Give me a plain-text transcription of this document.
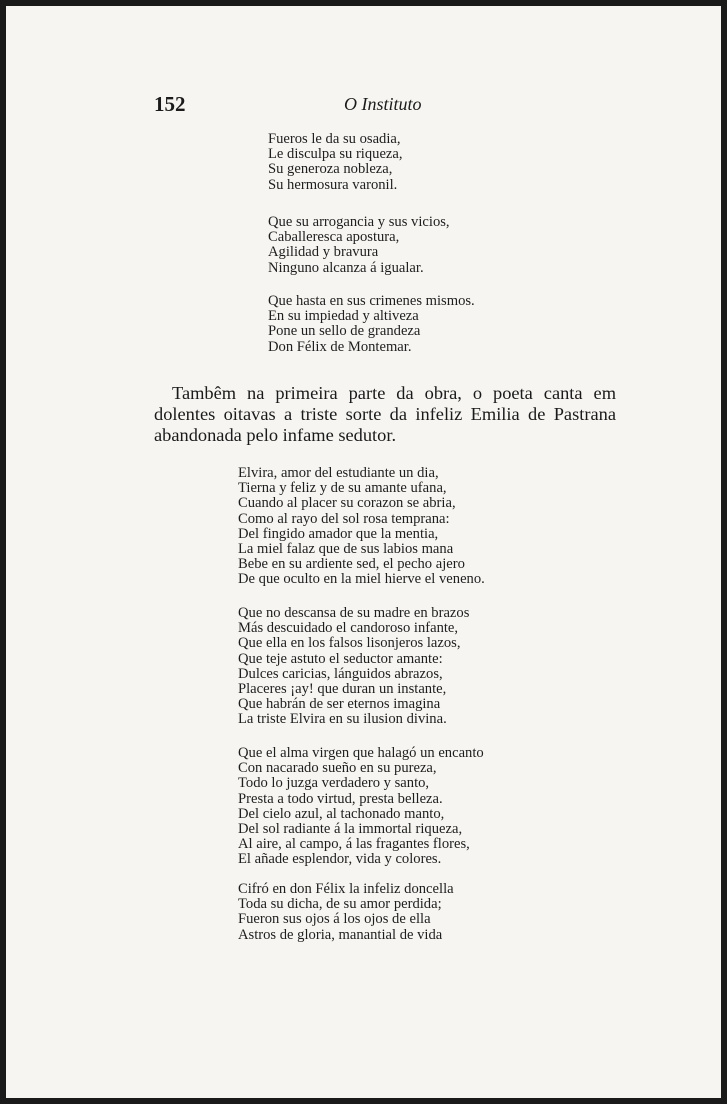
152	O Instituto
Fueros le da su osadia,
Le disculpa su riqueza,
Su generoza nobleza,
Su hermosura varonil.
Que su arrogancia y sus vicios,
Caballeresca apostura,
Agilidad y bravura
Ninguno alcanza á igualar.
Que hasta en sus crimenes mismos.
En su impiedad y altiveza
Pone un sello de grandeza
Don Félix de Montemar.
Tambêm na primeira parte da obra, o poeta canta em
dolentes oitavas a triste sorte da infeliz Emilia de Pastrana
abandonada pelo infame sedutor.
Elvira, amor del estudiante un dia,
Tierna y feliz y de su amante ufana,
Cuando al placer su corazon se abria,
Como al rayo del sol rosa temprana:
Del fingido amador que la mentia,
La miel falaz que de sus labios mana
Bebe en su ardiente sed, el pecho ajero
De que oculto en la miel hierve el veneno.
Que no descansa de su madre en brazos
Más descuidado el candoroso infante,
Que ella en los falsos lisonjeros lazos,
Que teje astuto el seductor amante:
Dulces caricias, lánguidos abrazos,
Placeres ¡ay! que duran un instante,
Que habrán de ser eternos imagina
La triste Elvira en su ilusion divina.
Que el alma virgen que halagó un encanto
Con nacarado sueño en su pureza,
Todo lo juzga verdadero y santo,
Presta a todo virtud, presta belleza.
Del cielo azul, al tachonado manto,
Del sol radiante á la immortal riqueza,
Al aire, al campo, á las fragantes flores,
El añade esplendor, vida y colores.
Cifró en don Félix la infeliz doncella
Toda su dicha, de su amor perdida;
Fueron sus ojos á los ojos de ella
Astros de gloria, manantial de vida
